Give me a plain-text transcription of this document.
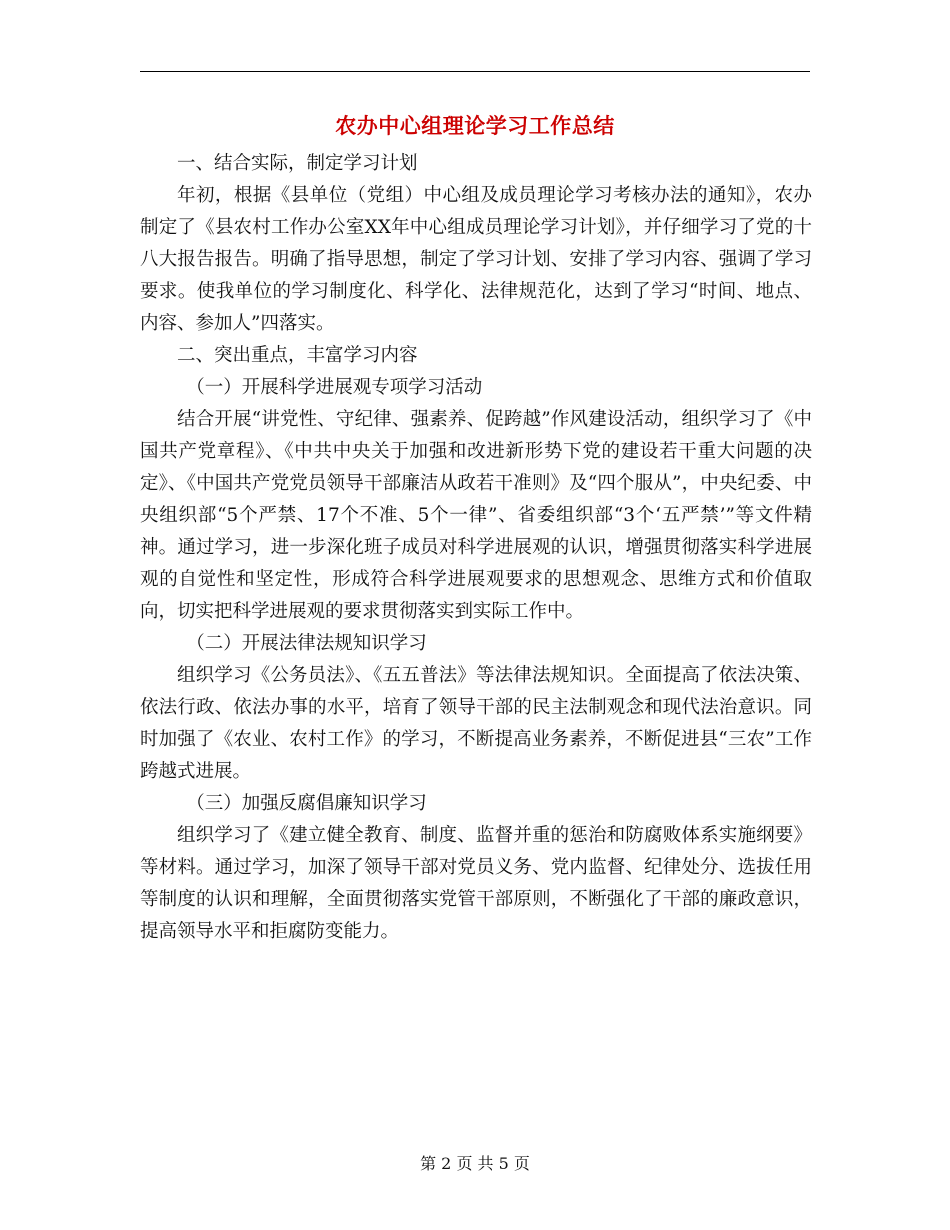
农办中心组理论学习工作总结

一、结合实际，制定学习计划

年初，根据《县单位（党组）中心组及成员理论学习考核办法的通知》，农办制定了《县农村工作办公室XX年中心组成员理论学习计划》，并仔细学习了党的十八大报告报告。明确了指导思想，制定了学习计划、安排了学习内容、强调了学习要求。使我单位的学习制度化、科学化、法律规范化，达到了学习“时间、地点、内容、参加人”四落实。

二、突出重点，丰富学习内容

（一）开展科学进展观专项学习活动

结合开展“讲党性、守纪律、强素养、促跨越”作风建设活动，组织学习了《中国共产党章程》、《中共中央关于加强和改进新形势下党的建设若干重大问题的决定》、《中国共产党党员领导干部廉洁从政若干准则》及“四个服从”，中央纪委、中央组织部“5个严禁、17个不准、5个一律”、省委组织部“3个‘五严禁’”等文件精神。通过学习，进一步深化班子成员对科学进展观的认识，增强贯彻落实科学进展观的自觉性和坚定性，形成符合科学进展观要求的思想观念、思维方式和价值取向，切实把科学进展观的要求贯彻落实到实际工作中。

（二）开展法律法规知识学习

组织学习《公务员法》、《五五普法》等法律法规知识。全面提高了依法决策、依法行政、依法办事的水平，培育了领导干部的民主法制观念和现代法治意识。同时加强了《农业、农村工作》的学习，不断提高业务素养，不断促进县“三农”工作跨越式进展。

（三）加强反腐倡廉知识学习

组织学习了《建立健全教育、制度、监督并重的惩治和防腐败体系实施纲要》等材料。通过学习，加深了领导干部对党员义务、党内监督、纪律处分、选拔任用等制度的认识和理解，全面贯彻落实党管干部原则，不断强化了干部的廉政意识，提高领导水平和拒腐防变能力。

第 2 页 共 5 页
